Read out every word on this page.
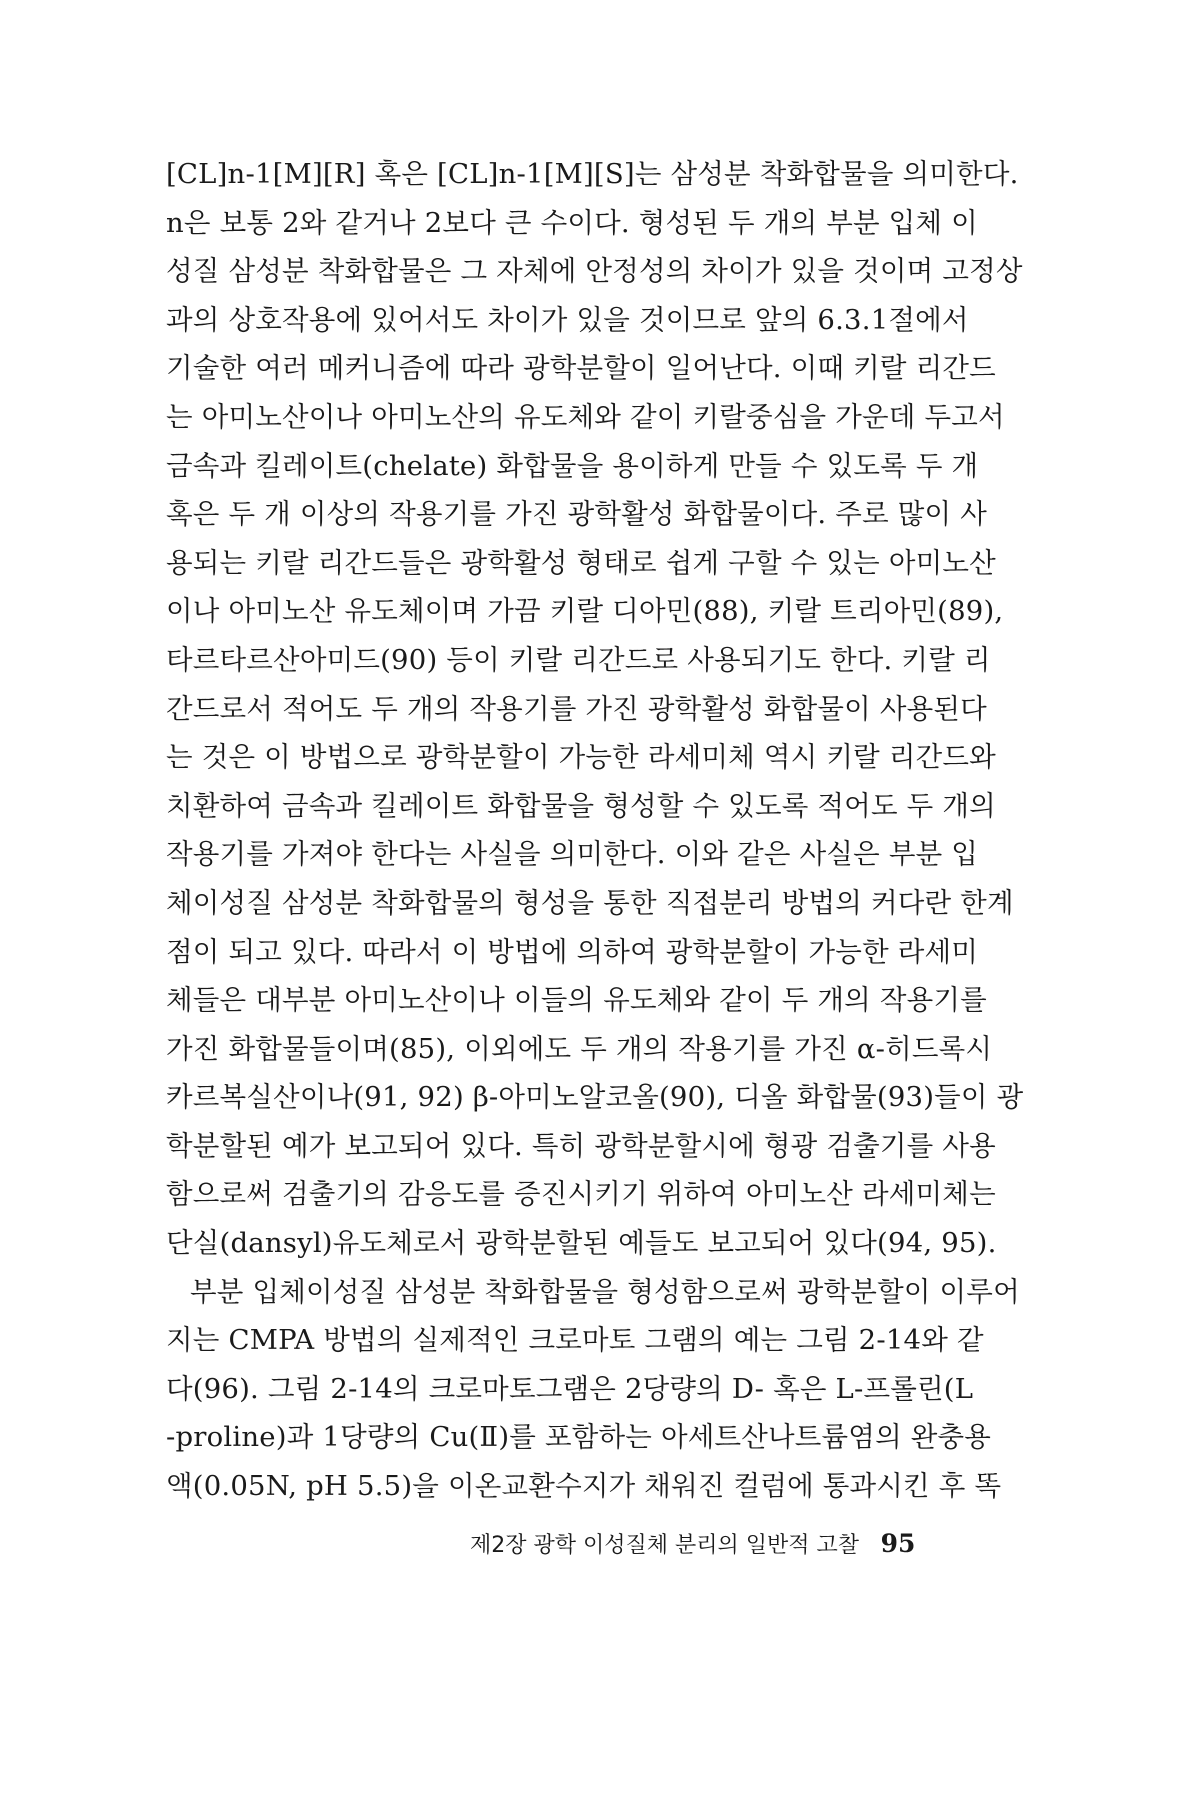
[CL]n-1[M][R] 혹은 [CL]n-1[M][S]는 삼성분 착화합물을 의미한다.
n은 보통 2와 같거나 2보다 큰 수이다. 형성된 두 개의 부분 입체 이
성질 삼성분 착화합물은 그 자체에 안정성의 차이가 있을 것이며 고정상
과의 상호작용에 있어서도 차이가 있을 것이므로 앞의 6.3.1절에서
기술한 여러 메커니즘에 따라 광학분할이 일어난다. 이때 키랄 리간드
는 아미노산이나 아미노산의 유도체와 같이 키랄중심을 가운데 두고서
금속과 킬레이트(chelate) 화합물을 용이하게 만들 수 있도록 두 개
혹은 두 개 이상의 작용기를 가진 광학활성 화합물이다. 주로 많이 사
용되는 키랄 리간드들은 광학활성 형태로 쉽게 구할 수 있는 아미노산
이나 아미노산 유도체이며 가끔 키랄 디아민(88), 키랄 트리아민(89),
타르타르산아미드(90) 등이 키랄 리간드로 사용되기도 한다. 키랄 리
간드로서 적어도 두 개의 작용기를 가진 광학활성 화합물이 사용된다
는 것은 이 방법으로 광학분할이 가능한 라세미체 역시 키랄 리간드와
치환하여 금속과 킬레이트 화합물을 형성할 수 있도록 적어도 두 개의
작용기를 가져야 한다는 사실을 의미한다. 이와 같은 사실은 부분 입
체이성질 삼성분 착화합물의 형성을 통한 직접분리 방법의 커다란 한계
점이 되고 있다. 따라서 이 방법에 의하여 광학분할이 가능한 라세미
체들은 대부분 아미노산이나 이들의 유도체와 같이 두 개의 작용기를
가진 화합물들이며(85), 이외에도 두 개의 작용기를 가진 α-히드록시
카르복실산이나(91, 92) β-아미노알코올(90), 디올 화합물(93)들이 광
학분할된 예가 보고되어 있다. 특히 광학분할시에 형광 검출기를 사용
함으로써 검출기의 감응도를 증진시키기 위하여 아미노산 라세미체는
단실(dansyl)유도체로서 광학분할된 예들도 보고되어 있다(94, 95).
부분 입체이성질 삼성분 착화합물을 형성함으로써 광학분할이 이루어
지는 CMPA 방법의 실제적인 크로마토 그램의 예는 그림 2-14와 같
다(96). 그림 2-14의 크로마토그램은 2당량의 D- 혹은 L-프롤린(L
-proline)과 1당량의 Cu(Ⅱ)를 포함하는 아세트산나트륨염의 완충용
액(0.05N, pH 5.5)을 이온교환수지가 채워진 컬럼에 통과시킨 후 똑
제2장 광학 이성질체 분리의 일반적 고찰 95
